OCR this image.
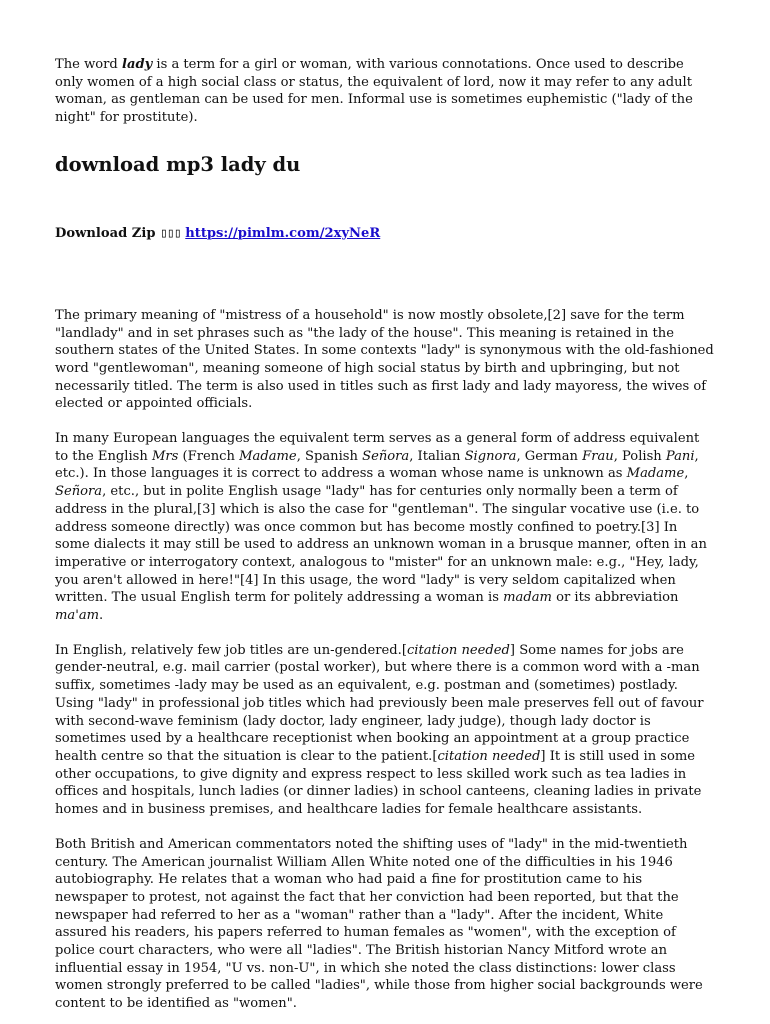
The word lady is a term for a girl or woman, with various connotations. Once used to describe only women of a high social class or status, the equivalent of lord, now it may refer to any adult woman, as gentleman can be used for men. Informal use is sometimes euphemistic ("lady of the night" for prostitute).

download mp3 lady du
Download Zip ▯▯▯ https://pimlm.com/2xyNeR

The primary meaning of "mistress of a household" is now mostly obsolete,[2] save for the term "landlady" and in set phrases such as "the lady of the house". This meaning is retained in the southern states of the United States. In some contexts "lady" is synonymous with the old-fashioned word "gentlewoman", meaning someone of high social status by birth and upbringing, but not necessarily titled. The term is also used in titles such as first lady and lady mayoress, the wives of elected or appointed officials.

In many European languages the equivalent term serves as a general form of address equivalent to the English Mrs (French Madame, Spanish Señora, Italian Signora, German Frau, Polish Pani, etc.). In those languages it is correct to address a woman whose name is unknown as Madame, Señora, etc., but in polite English usage "lady" has for centuries only normally been a term of address in the plural,[3] which is also the case for "gentleman". The singular vocative use (i.e. to address someone directly) was once common but has become mostly confined to poetry.[3] In some dialects it may still be used to address an unknown woman in a brusque manner, often in an imperative or interrogatory context, analogous to "mister" for an unknown male: e.g., "Hey, lady, you aren't allowed in here!"[4] In this usage, the word "lady" is very seldom capitalized when written. The usual English term for politely addressing a woman is madam or its abbreviation ma'am.

In English, relatively few job titles are un-gendered.[citation needed] Some names for jobs are gender-neutral, e.g. mail carrier (postal worker), but where there is a common word with a -man suffix, sometimes -lady may be used as an equivalent, e.g. postman and (sometimes) postlady. Using "lady" in professional job titles which had previously been male preserves fell out of favour with second-wave feminism (lady doctor, lady engineer, lady judge), though lady doctor is sometimes used by a healthcare receptionist when booking an appointment at a group practice health centre so that the situation is clear to the patient.[citation needed] It is still used in some other occupations, to give dignity and express respect to less skilled work such as tea ladies in offices and hospitals, lunch ladies (or dinner ladies) in school canteens, cleaning ladies in private homes and in business premises, and healthcare ladies for female healthcare assistants.

Both British and American commentators noted the shifting uses of "lady" in the mid-twentieth century. The American journalist William Allen White noted one of the difficulties in his 1946 autobiography. He relates that a woman who had paid a fine for prostitution came to his newspaper to protest, not against the fact that her conviction had been reported, but that the newspaper had referred to her as a "woman" rather than a "lady". After the incident, White assured his readers, his papers referred to human females as "women", with the exception of police court characters, who were all "ladies". The British historian Nancy Mitford wrote an influential essay in 1954, "U vs. non-U", in which she noted the class distinctions: lower class women strongly preferred to be called "ladies", while those from higher social backgrounds were content to be identified as "women".
